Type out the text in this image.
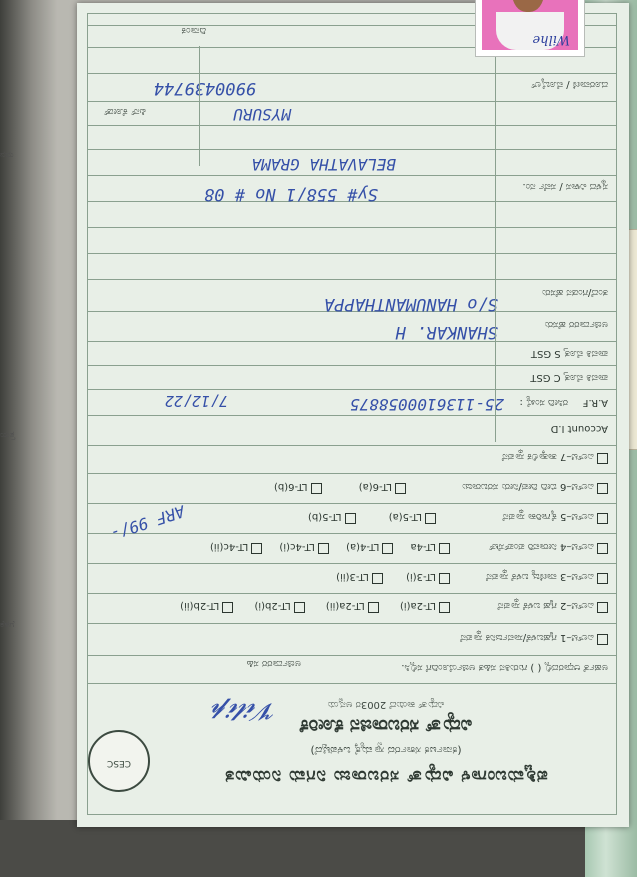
ನಮ
ಯತ್ತ
ಕೆಳಗೆ
CESC
ಪಶ್ಚಿಮಬಂಗಾಳ ವಿದ್ಯುತ್ ಸರಬರಾಜು ನಿಗಮ ನಿಯಮಿತ
(ಕರ್ನಾಟಕ ಸರ್ಕಾರದ ಸ್ವಾಮ್ಯಕ್ಕೆ ಒಳಪಟ್ಟಿದೆ)
ವಿದ್ಯುತ್ ಸರಬರಾಜಿನ ಕೋರಿಕೆ
ವಿದ್ಯುತ್ ಕಾಯಿದೆ 2003ರ ಅನ್ವಯ
ಅರ್ಹತೆ ಆಧಾರದಲ್ಲಿ ( ) ಗುರುತಿನ ಸಹಿತ ಅರ್ಜಿಯೊಂದಿಗೆ ಸಲ್ಲಿಸಿ.
ಎಲ್‌ಟಿ–1 ಗೃಹಬಳಕೆ/ಸಾರ್ವಜನಿಕ ಸ್ಥಾಪನೆ
ಎಲ್‌ಟಿ–2 ಗೃಹ ಬಳಕೆ ಸ್ಥಾಪನೆ
LT-2a(i) LT-2a(ii) LT-2b(i) LT-2b(ii)
ಎಲ್‌ಟಿ–3 ವಾಣಿಜ್ಯ ಬಳಕೆ ಸ್ಥಾಪನೆ
LT-3(i) LT-3(ii)
ಎಲ್‌ಟಿ–4 ನೀರಾವರಿ ಪಂಪ್‌ಸೆಟ್
LT-4a LT-4(a) LT-4c(i) LT-4c(ii)
ಎಲ್‌ಟಿ–5 ಕೈಗಾರಿಕಾ ಸ್ಥಾಪನೆ
LT-5(a) LT-5(b)
ಎಲ್‌ಟಿ–6 ಬೀದಿ ದೀಪ/ನೀರು ಸರಬರಾಜು
LT-6(a) LT-6(b)
ಎಲ್‌ಟಿ–7 ತಾತ್ಕಾಲಿಕ ಸ್ಥಾಪನೆ
Account I.D
A.R.F
ರಸೀದಿ ಸಂಖ್ಯೆ :
25-1136100058875
7/12/22
ಪಾವತಿ ಮೊತ್ತ C GST
ಪಾವತಿ ಮೊತ್ತ S GST
ಅರ್ಜಿದಾರರ ಹೆಸರು
SHANKAR. H
ತಂದೆ/ಗಂಡನ ಹೆಸರು
S/o HANUMANTHAPPA
ಸ್ಥಳದ ವಿಳಾಸ / ಸರ್ವೆ ನಂ.
Sy# 558/1 No # 08
BELAVATHA GRAMA
MYSURU
ಪಿನ್ ಕೋಡ್
ದೂರವಾಣಿ / ಮೊಬೈಲ್
9900439744
ಅರ್ಜಿದಾರರ ಸಹಿ
𝓥𝓲𝓵𝓲𝓹
ARF 99/-
ದಿನಾಂಕ
Wilhe
